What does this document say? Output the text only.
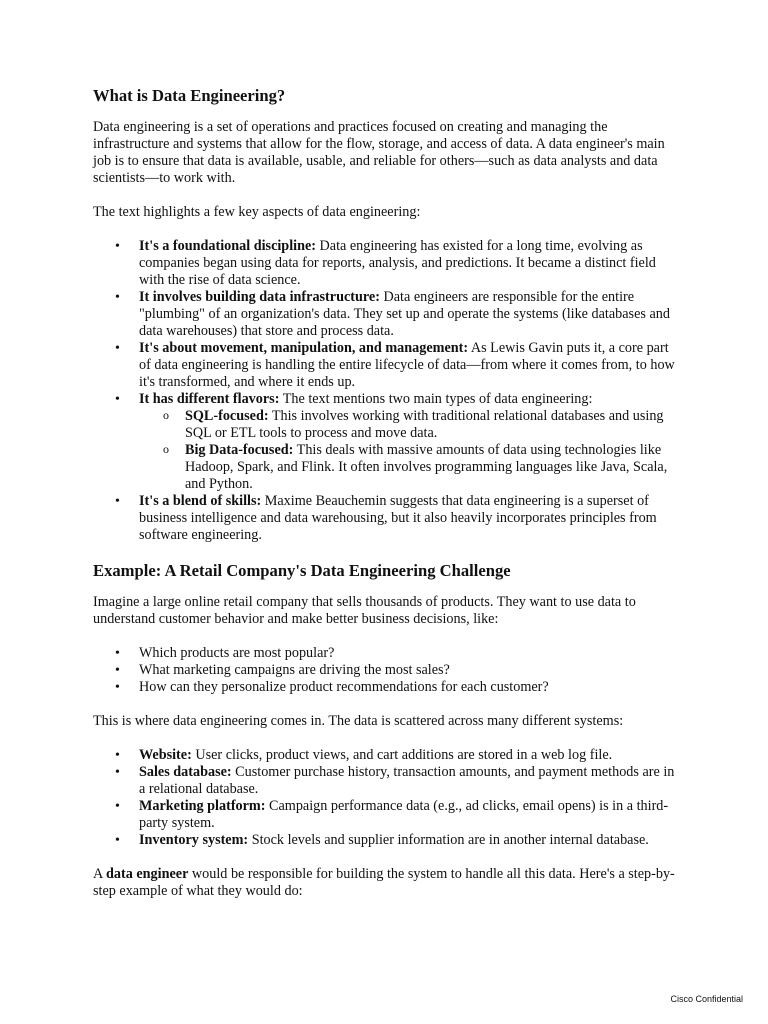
What is Data Engineering?

Data engineering is a set of operations and practices focused on creating and managing the infrastructure and systems that allow for the flow, storage, and access of data. A data engineer's main job is to ensure that data is available, usable, and reliable for others—such as data analysts and data scientists—to work with.

The text highlights a few key aspects of data engineering:

• It's a foundational discipline: Data engineering has existed for a long time, evolving as companies began using data for reports, analysis, and predictions. It became a distinct field with the rise of data science.
• It involves building data infrastructure: Data engineers are responsible for the entire "plumbing" of an organization's data. They set up and operate the systems (like databases and data warehouses) that store and process data.
• It's about movement, manipulation, and management: As Lewis Gavin puts it, a core part of data engineering is handling the entire lifecycle of data—from where it comes from, to how it's transformed, and where it ends up.
• It has different flavors: The text mentions two main types of data engineering:
o SQL-focused: This involves working with traditional relational databases and using SQL or ETL tools to process and move data.
o Big Data-focused: This deals with massive amounts of data using technologies like Hadoop, Spark, and Flink. It often involves programming languages like Java, Scala, and Python.
• It's a blend of skills: Maxime Beauchemin suggests that data engineering is a superset of business intelligence and data warehousing, but it also heavily incorporates principles from software engineering.
Example: A Retail Company's Data Engineering Challenge

Imagine a large online retail company that sells thousands of products. They want to use data to understand customer behavior and make better business decisions, like:

• Which products are most popular?
• What marketing campaigns are driving the most sales?
• How can they personalize product recommendations for each customer?

This is where data engineering comes in. The data is scattered across many different systems:

• Website: User clicks, product views, and cart additions are stored in a web log file.
• Sales database: Customer purchase history, transaction amounts, and payment methods are in a relational database.
• Marketing platform: Campaign performance data (e.g., ad clicks, email opens) is in a third-party system.
• Inventory system: Stock levels and supplier information are in another internal database.

A data engineer would be responsible for building the system to handle all this data. Here's a step-by-step example of what they would do:

Cisco Confidential
